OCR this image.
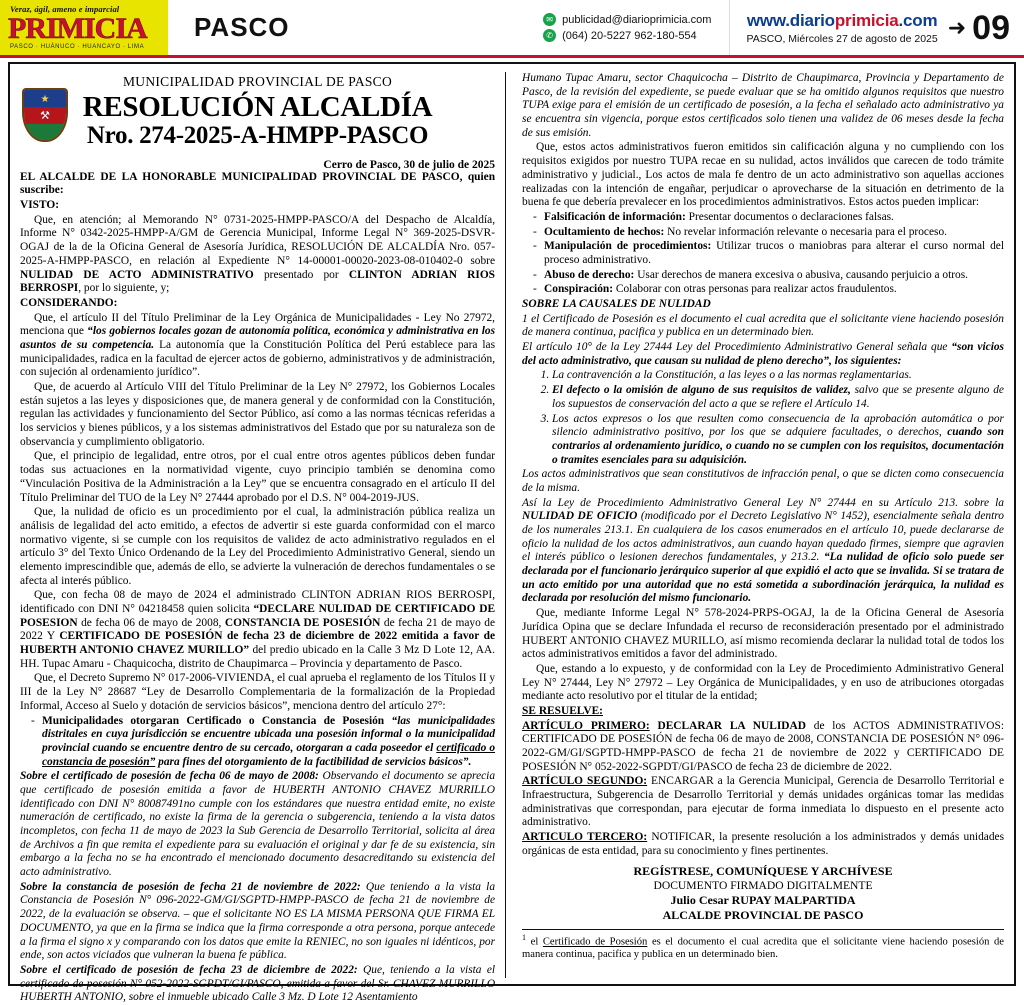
Veraz, ágil, ameno e imparcial
PRIMICIA
PASCO · HUÁNUCO · HUANCAYO · LIMA
PASCO	✉ publicidad@diarioprimicia.com
✆ (064) 20-5227 962-180-554
www.diarioprimicia.com
PASCO, Miércoles 27 de agosto de 2025 ➜ 09
★
⚒
MUNICIPALIDAD PROVINCIAL DE PASCO
RESOLUCIÓN ALCALDÍA
Nro. 274-2025-A-HMPP-PASCO
Cerro de Pasco, 30 de julio de 2025

EL ALCALDE DE LA HONORABLE MUNICIPALIDAD PROVINCIAL DE PASCO, quien suscribe:

VISTO:

Que, en atención; al Memorando N° 0731-2025-HMPP-PASCO/A del Despacho de Alcaldía, Informe N° 0342-2025-HMPP-A/GM de Gerencia Municipal, Informe Legal N° 369-2025-DSVR-OGAJ de la de la Oficina General de Asesoría Jurídica, RESOLUCIÓN DE ALCALDÍA Nro. 057-2025-A-HMPP-PASCO, en relación al Expediente N° 14-00001-00020-2023-08-010402-0 sobre NULIDAD DE ACTO ADMINISTRATIVO presentado por CLINTON ADRIAN RIOS BERROSPI, por lo siguiente, y;

CONSIDERANDO:

Que, el artículo II del Título Preliminar de la Ley Orgánica de Municipalidades - Ley No 27972, menciona que “los gobiernos locales gozan de autonomía política, económica y administrativa en los asuntos de su competencia. La autonomía que la Constitución Política del Perú establece para las municipalidades, radica en la facultad de ejercer actos de gobierno, administrativos y de administración, con sujeción al ordenamiento jurídico”.

Que, de acuerdo al Artículo VIII del Título Preliminar de la Ley N° 27972, los Gobiernos Locales están sujetos a las leyes y disposiciones que, de manera general y de conformidad con la Constitución, regulan las actividades y funcionamiento del Sector Público, así como a las normas técnicas referidas a los servicios y bienes públicos, y a los sistemas administrativos del Estado que por su naturaleza son de observancia y cumplimiento obligatorio.

Que, el principio de legalidad, entre otros, por el cual entre otros agentes públicos deben fundar todas sus actuaciones en la normatividad vigente, cuyo principio también se denomina como “Vinculación Positiva de la Administración a la Ley” que se encuentra consagrado en el artículo II del Título Preliminar del TUO de la Ley N° 27444 aprobado por el D.S. N° 004-2019-JUS.

Que, la nulidad de oficio es un procedimiento por el cual, la administración pública realiza un análisis de legalidad del acto emitido, a efectos de advertir si este guarda conformidad con el marco normativo vigente, si se cumple con los requisitos de validez de acto administrativo regulados en el artículo 3° del Texto Único Ordenando de la Ley del Procedimiento Administrativo General, siendo un elemento imprescindible que, además de ello, se advierte la vulneración de derechos fundamentales o se afecta al interés público.

Que, con fecha 08 de mayo de 2024 el administrado CLINTON ADRIAN RIOS BERROSPI, identificado con DNI N° 04218458 quien solicita “DECLARE NULIDAD DE CERTIFICADO DE POSESION de fecha 06 de mayo de 2008, CONSTANCIA DE POSESIÓN de fecha 21 de mayo de 2022 Y CERTIFICADO DE POSESIÓN de fecha 23 de diciembre de 2022 emitida a favor de HUBERTH ANTONIO CHAVEZ MURILLO” del predio ubicado en la Calle 3 Mz D Lote 12, AA. HH. Tupac Amaru - Chaquicocha, distrito de Chaupimarca – Provincia y departamento de Pasco.

Que, el Decreto Supremo N° 017-2006-VIVIENDA, el cual aprueba el reglamento de los Títulos II y III de la Ley N° 28687 “Ley de Desarrollo Complementaria de la formalización de la Propiedad Informal, Acceso al Suelo y dotación de servicios básicos”, menciona dentro del artículo 27°:

- Municipalidades otorgaran Certificado o Constancia de Posesión “las municipalidades distritales en cuya jurisdicción se encuentre ubicada una posesión informal o la municipalidad provincial cuando se encuentre dentro de su cercado, otorgaran a cada poseedor el certificado o constancia de posesión” para fines del otorgamiento de la factibilidad de servicios básicos”.

Sobre el certificado de posesión de fecha 06 de mayo de 2008: Observando el documento se aprecia que certificado de posesión emitida a favor de HUBERTH ANTONIO CHAVEZ MURRILLO identificado con DNI N° 80087491no cumple con los estándares que nuestra entidad emite, no existe numeración de certificado, no existe la firma de la gerencia o subgerencia, teniendo a la vista datos incompletos, con fecha 11 de mayo de 2023 la Sub Gerencia de Desarrollo Territorial, solicita al área de Archivos a fin que remita el expediente para su evaluación el original y dar fe de su existencia, sin embargo a la fecha no se ha encontrado el mencionado documento desacreditando su existencia del acto administrativo.

Sobre la constancia de posesión de fecha 21 de noviembre de 2022: Que teniendo a la vista la Constancia de Posesión N° 096-2022-GM/GI/SGPTD-HMPP-PASCO de fecha 21 de noviembre de 2022, de la evaluación se observa. – que el solicitante NO ES LA MISMA PERSONA QUE FIRMA EL DOCUMENTO, ya que en la firma se indica que la firma corresponde a otra persona, porque antecede a la firma el signo x y comparando con los datos que emite la RENIEC, no son iguales ni idénticos, por ende, son actos viciados que vulneran la buena fe pública.

Sobre el certificado de posesión de fecha 23 de diciembre de 2022: Que, teniendo a la vista el certificado de posesión N° 052-2022-SGPDT/GI/PASCO, emitida a favor del Sr. CHAVEZ MURRILLO HUBERTH ANTONIO, sobre el inmueble ubicado Calle 3 Mz. D Lote 12 Asentamiento

Humano Tupac Amaru, sector Chaquicocha – Distrito de Chaupimarca, Provincia y Departamento de Pasco, de la revisión del expediente, se puede evaluar que se ha omitido algunos requisitos que nuestro TUPA exige para el emisión de un certificado de posesión, a la fecha el señalado acto administrativo ya se encuentra sin vigencia, porque estos certificados solo tienen una validez de 06 meses desde la fecha de sus emisión.

Que, estos actos administrativos fueron emitidos sin calificación alguna y no cumpliendo con los requisitos exigidos por nuestro TUPA recae en su nulidad, actos inválidos que carecen de todo trámite administrativo y judicial., Los actos de mala fe dentro de un acto administrativo son aquellas acciones realizadas con la intención de engañar, perjudicar o aprovecharse de la situación en detrimento de la buena fe que debería prevalecer en los procedimientos administrativos. Estos actos pueden implicar:

- Falsificación de información: Presentar documentos o declaraciones falsas.
- Ocultamiento de hechos: No revelar información relevante o necesaria para el proceso.
- Manipulación de procedimientos: Utilizar trucos o maniobras para alterar el curso normal del proceso administrativo.
- Abuso de derecho: Usar derechos de manera excesiva o abusiva, causando perjuicio a otros.
- Conspiración: Colaborar con otras personas para realizar actos fraudulentos.

SOBRE LA CAUSALES DE NULIDAD

1 el Certificado de Posesión es el documento el cual acredita que el solicitante viene haciendo posesión de manera continua, pacifica y publica en un determinado bien.

El artículo 10° de la Ley 27444 Ley del Procedimiento Administrativo General señala que “son vicios del acto administrativo, que causan su nulidad de pleno derecho”, los siguientes:

1. La contravención a la Constitución, a las leyes o a las normas reglamentarias.
2. El defecto o la omisión de alguno de sus requisitos de validez, salvo que se presente alguno de los supuestos de conservación del acto a que se refiere el Artículo 14.
3. Los actos expresos o los que resulten como consecuencia de la aprobación automática o por silencio administrativo positivo, por los que se adquiere facultades, o derechos, cuando son contrarios al ordenamiento jurídico, o cuando no se cumplen con los requisitos, documentación o tramites esenciales para su adquisición.

Los actos administrativos que sean constitutivos de infracción penal, o que se dicten como consecuencia de la misma.

Así la Ley de Procedimiento Administrativo General Ley N° 27444 en su Artículo 213. sobre la NULIDAD DE OFICIO (modificado por el Decreto Legislativo N° 1452), esencialmente señala dentro de los numerales 213.1. En cualquiera de los casos enumerados en el artículo 10, puede declararse de oficio la nulidad de los actos administrativos, aun cuando hayan quedado firmes, siempre que agravien el interés público o lesionen derechos fundamentales, y 213.2. “La nulidad de oficio solo puede ser declarada por el funcionario jerárquico superior al que expidió el acto que se invalida. Si se tratara de un acto emitido por una autoridad que no está sometida a subordinación jerárquica, la nulidad es declarada por resolución del mismo funcionario.

Que, mediante Informe Legal N° 578-2024-PRPS-OGAJ, la de la Oficina General de Asesoría Jurídica Opina que se declare Infundada el recurso de reconsideración presentado por el administrado HUBERT ANTONIO CHAVEZ MURILLO, así mismo recomienda declarar la nulidad total de todos los actos administrativos emitidos a favor del administrado.

Que, estando a lo expuesto, y de conformidad con la Ley de Procedimiento Administrativo General Ley N° 27444, Ley N° 27972 – Ley Orgánica de Municipalidades, y en uso de atribuciones otorgadas mediante acto resolutivo por el titular de la entidad;

SE RESUELVE:

ARTÍCULO PRIMERO: DECLARAR LA NULIDAD de los ACTOS ADMINISTRATIVOS: CERTIFICADO DE POSESIÓN de fecha 06 de mayo de 2008, CONSTANCIA DE POSESIÓN N° 096-2022-GM/GI/SGPTD-HMPP-PASCO de fecha 21 de noviembre de 2022 y CERTIFICADO DE POSESIÓN N° 052-2022-SGPDT/GI/PASCO de fecha 23 de diciembre de 2022.

ARTÍCULO SEGUNDO: ENCARGAR a la Gerencia Municipal, Gerencia de Desarrollo Territorial e Infraestructura, Subgerencia de Desarrollo Territorial y demás unidades orgánicas tomar las medidas administrativas que correspondan, para ejecutar de forma inmediata lo dispuesto en el presente acto administrativo.

ARTICULO TERCERO: NOTIFICAR, la presente resolución a los administrados y demás unidades orgánicas de esta entidad, para su conocimiento y fines pertinentes.

REGÍSTRESE, COMUNÍQUESE Y ARCHÍVESE
DOCUMENTO FIRMADO DIGITALMENTE
Julio Cesar RUPAY MALPARTIDA
ALCALDE PROVINCIAL DE PASCO
$^1$ el Certificado de Posesión es el documento el cual acredita que el solicitante viene haciendo posesión de manera continua, pacifica y publica en un determinado bien.
